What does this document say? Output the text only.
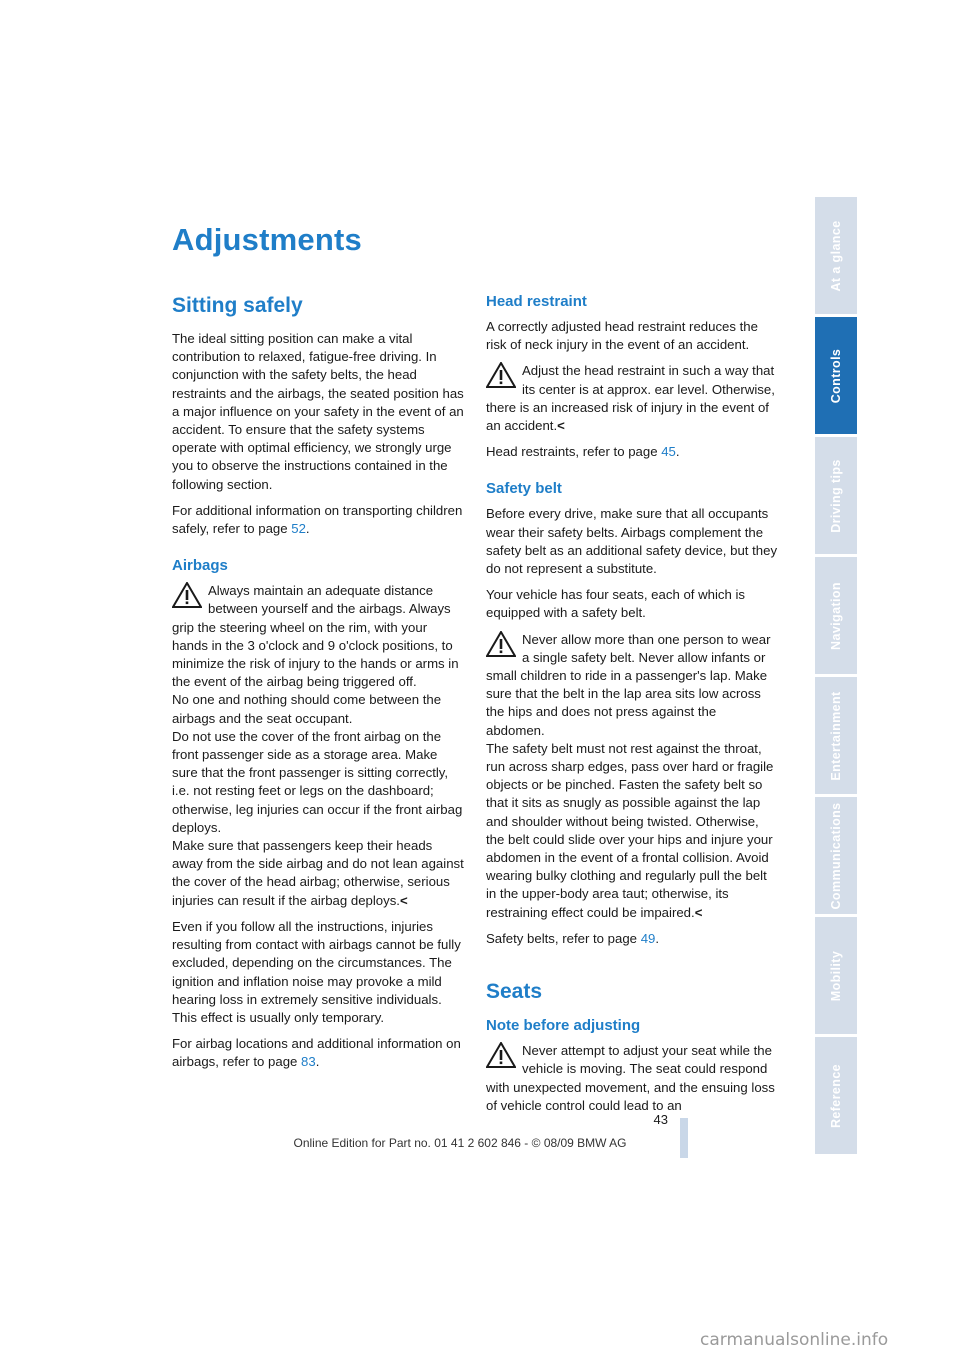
Adjustments
Sitting safely

The ideal sitting position can make a vital contribution to relaxed, fatigue-free driving. In conjunction with the safety belts, the head restraints and the airbags, the seated position has a major influence on your safety in the event of an accident. To ensure that the safety systems operate with optimal efficiency, we strongly urge you to observe the instructions contained in the following section.

For additional information on transporting children safely, refer to page 52.

Airbags
Always maintain an adequate distance between yourself and the airbags. Always grip the steering wheel on the rim, with your hands in the 3 o'clock and 9 o'clock positions, to minimize the risk of injury to the hands or arms in the event of the airbag being triggered off.
No one and nothing should come between the airbags and the seat occupant.
Do not use the cover of the front airbag on the front passenger side as a storage area. Make sure that the front passenger is sitting correctly, i.e. not resting feet or legs on the dashboard; otherwise, leg injuries can occur if the front airbag deploys.
Make sure that passengers keep their heads away from the side airbag and do not lean against the cover of the head airbag; otherwise, serious injuries can result if the airbag deploys.<

Even if you follow all the instructions, injuries resulting from contact with airbags cannot be fully excluded, depending on the circumstances. The ignition and inflation noise may provoke a mild hearing loss in extremely sensitive individuals. This effect is usually only temporary.

For airbag locations and additional information on airbags, refer to page 83.

Head restraint

A correctly adjusted head restraint reduces the risk of neck injury in the event of an accident.

Adjust the head restraint in such a way that its center is at approx. ear level. Otherwise, there is an increased risk of injury in the event of an accident.<

Head restraints, refer to page 45.

Safety belt

Before every drive, make sure that all occupants wear their safety belts. Airbags complement the safety belt as an additional safety device, but they do not represent a substitute.

Your vehicle has four seats, each of which is equipped with a safety belt.

Never allow more than one person to wear a single safety belt. Never allow infants or small children to ride in a passenger's lap. Make sure that the belt in the lap area sits low across the hips and does not press against the abdomen.
The safety belt must not rest against the throat, run across sharp edges, pass over hard or fragile objects or be pinched. Fasten the safety belt so that it sits as snugly as possible against the lap and shoulder without being twisted. Otherwise, the belt could slide over your hips and injure your abdomen in the event of a frontal collision. Avoid wearing bulky clothing and regularly pull the belt in the upper-body area taut; otherwise, its restraining effect could be impaired.<

Safety belts, refer to page 49.

Seats
Note before adjusting
Never attempt to adjust your seat while the vehicle is moving. The seat could respond with unexpected movement, and the ensuing loss of vehicle control could lead to an
At a glance
Controls
Driving tips
Navigation
Entertainment
Communications
Mobility
Reference
43
Online Edition for Part no. 01 41 2 602 846 - © 08/09 BMW AG
carmanualsonline.info
